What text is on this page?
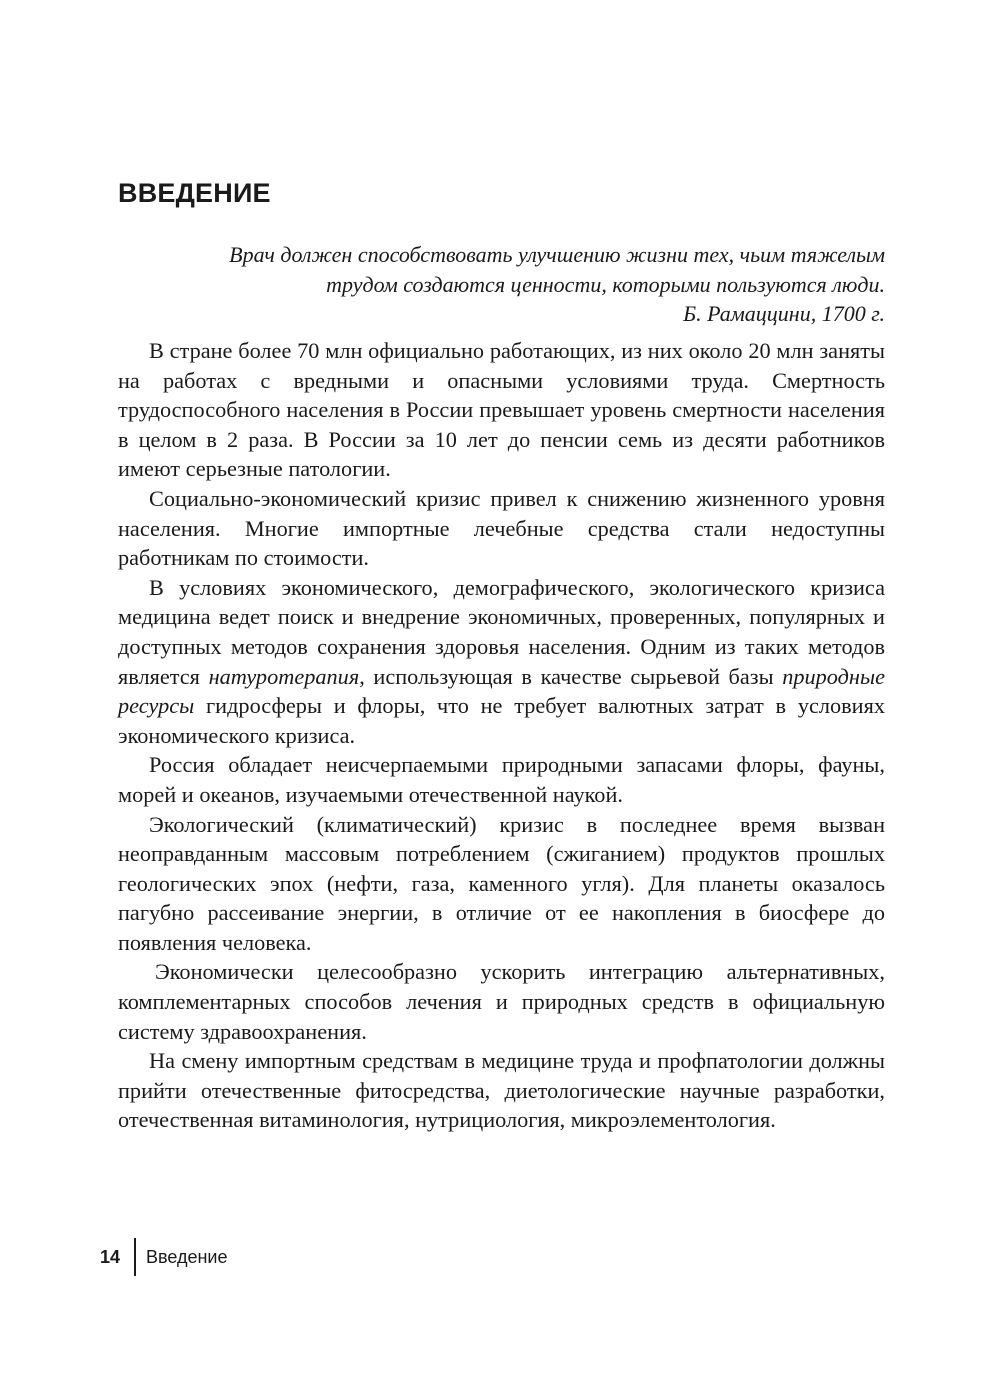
ВВЕДЕНИЕ
Врач должен способствовать улучшению жизни тех, чьим тяжелым
трудом создаются ценности, которыми пользуются люди.
Б. Рамаццини, 1700 г.

В стране более 70 млн официально работающих, из них около 20 млн заняты на работах с вредными и опасными условиями труда. Смертность трудоспособного населения в России превышает уровень смертности населения в целом в 2 раза. В России за 10 лет до пенсии семь из десяти работников имеют серьезные патологии.

Социально-экономический кризис привел к снижению жизненного уровня населения. Многие импортные лечебные средства стали недоступны работникам по стоимости.

В условиях экономического, демографического, экологического кризиса медицина ведет поиск и внедрение экономичных, проверенных, популярных и доступных методов сохранения здоровья населения. Одним из таких методов является натуротерапия, использующая в качестве сырьевой базы природные ресурсы гидросферы и флоры, что не требует валютных затрат в условиях экономического кризиса.

Россия обладает неисчерпаемыми природными запасами флоры, фауны, морей и океанов, изучаемыми отечественной наукой.

Экологический (климатический) кризис в последнее время вызван неоправданным массовым потреблением (сжиганием) продуктов прошлых геологических эпох (нефти, газа, каменного угля). Для планеты оказалось пагубно рассеивание энергии, в отличие от ее накопления в биосфере до появления человека.

Экономически целесообразно ускорить интеграцию альтернативных, комплементарных способов лечения и природных средств в официальную систему здравоохранения.

На смену импортным средствам в медицине труда и профпатологии должны прийти отечественные фитосредства, диетологические научные разработки, отечественная витаминология, нутрициология, микроэлементология.

14	Введение
